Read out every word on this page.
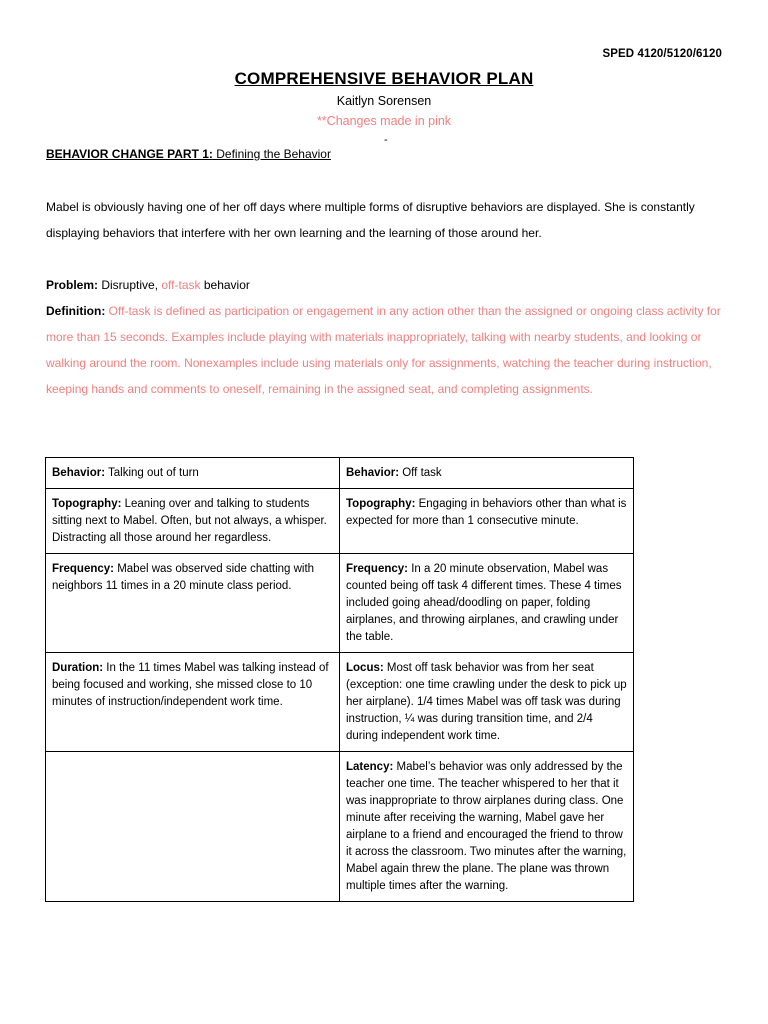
SPED 4120/5120/6120
COMPREHENSIVE BEHAVIOR PLAN
Kaitlyn Sorensen
**Changes made in pink
-
BEHAVIOR CHANGE PART 1: Defining the Behavior
Mabel is obviously having one of her off days where multiple forms of disruptive behaviors are displayed. She is constantly displaying behaviors that interfere with her own learning and the learning of those around her.
Problem: Disruptive, off-task behavior
Definition: Off-task is defined as participation or engagement in any action other than the assigned or ongoing class activity for more than 15 seconds. Examples include playing with materials inappropriately, talking with nearby students, and looking or walking around the room. Nonexamples include using materials only for assignments, watching the teacher during instruction, keeping hands and comments to oneself, remaining in the assigned seat, and completing assignments.
Behavior: Talking out of turn	Behavior: Off task
Topography: Leaning over and talking to students sitting next to Mabel. Often, but not always, a whisper. Distracting all those around her regardless.	Topography: Engaging in behaviors other than what is expected for more than 1 consecutive minute.
Frequency: Mabel was observed side chatting with neighbors 11 times in a 20 minute class period.	Frequency: In a 20 minute observation, Mabel was counted being off task 4 different times. These 4 times included going ahead/doodling on paper, folding airplanes, and throwing airplanes, and crawling under the table.
Duration: In the 11 times Mabel was talking instead of being focused and working, she missed close to 10 minutes of instruction/independent work time.	Locus: Most off task behavior was from her seat (exception: one time crawling under the desk to pick up her airplane). 1/4 times Mabel was off task was during instruction, ¼ was during transition time, and 2/4 during independent work time.
	Latency: Mabel’s behavior was only addressed by the teacher one time. The teacher whispered to her that it was inappropriate to throw airplanes during class. One minute after receiving the warning, Mabel gave her airplane to a friend and encouraged the friend to throw it across the classroom. Two minutes after the warning, Mabel again threw the plane. The plane was thrown multiple times after the warning.
